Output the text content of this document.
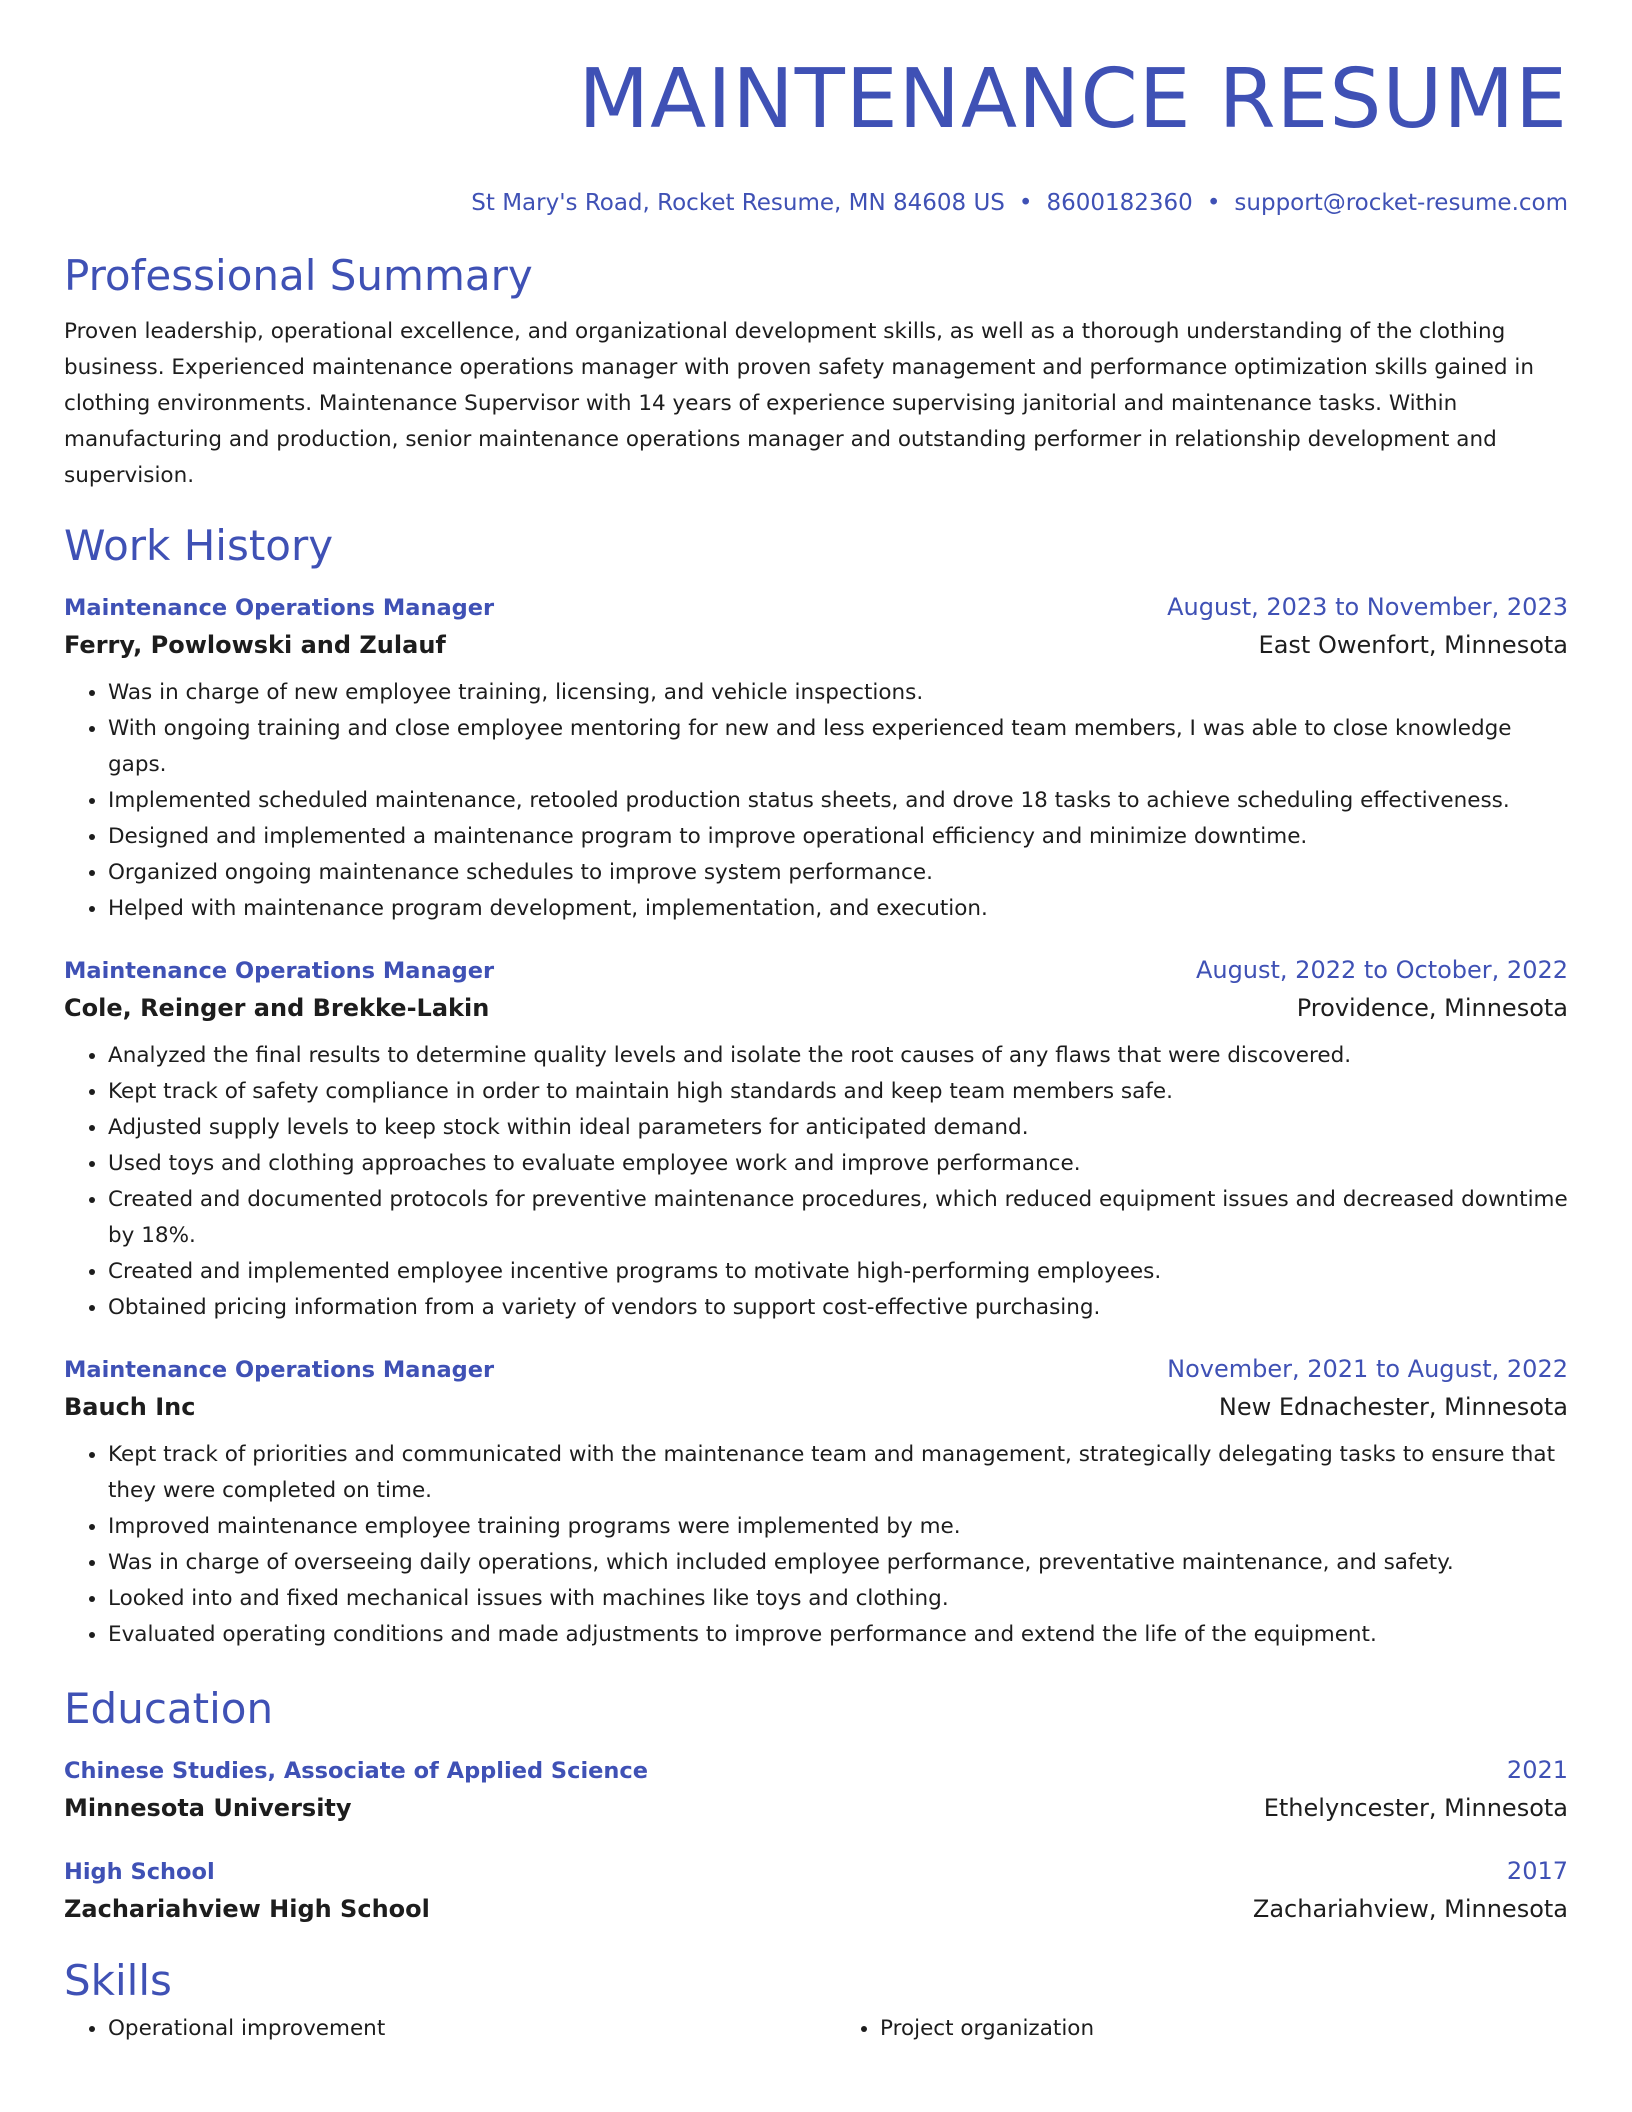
MAINTENANCE RESUME
St Mary's Road, Rocket Resume, MN 84608 US • 8600182360 • support@rocket-resume.com
Professional Summary
Proven leadership, operational excellence, and organizational development skills, as well as a thorough understanding of the clothing business. Experienced maintenance operations manager with proven safety management and performance optimization skills gained in clothing environments. Maintenance Supervisor with 14 years of experience supervising janitorial and maintenance tasks. Within manufacturing and production, senior maintenance operations manager and outstanding performer in relationship development and supervision.
Work History
Maintenance Operations Manager	August, 2023 to November, 2023
Ferry, Powlowski and Zulauf	East Owenfort, Minnesota
• Was in charge of new employee training, licensing, and vehicle inspections.
• With ongoing training and close employee mentoring for new and less experienced team members, I was able to close knowledge gaps.
• Implemented scheduled maintenance, retooled production status sheets, and drove 18 tasks to achieve scheduling effectiveness.
• Designed and implemented a maintenance program to improve operational efficiency and minimize downtime.
• Organized ongoing maintenance schedules to improve system performance.
• Helped with maintenance program development, implementation, and execution.
Maintenance Operations Manager	August, 2022 to October, 2022
Cole, Reinger and Brekke-Lakin	Providence, Minnesota
• Analyzed the final results to determine quality levels and isolate the root causes of any flaws that were discovered.
• Kept track of safety compliance in order to maintain high standards and keep team members safe.
• Adjusted supply levels to keep stock within ideal parameters for anticipated demand.
• Used toys and clothing approaches to evaluate employee work and improve performance.
• Created and documented protocols for preventive maintenance procedures, which reduced equipment issues and decreased downtime by 18%.
• Created and implemented employee incentive programs to motivate high-performing employees.
• Obtained pricing information from a variety of vendors to support cost-effective purchasing.
Maintenance Operations Manager	November, 2021 to August, 2022
Bauch Inc	New Ednachester, Minnesota
• Kept track of priorities and communicated with the maintenance team and management, strategically delegating tasks to ensure that they were completed on time.
• Improved maintenance employee training programs were implemented by me.
• Was in charge of overseeing daily operations, which included employee performance, preventative maintenance, and safety.
• Looked into and fixed mechanical issues with machines like toys and clothing.
• Evaluated operating conditions and made adjustments to improve performance and extend the life of the equipment.
Education
Chinese Studies, Associate of Applied Science	2021
Minnesota University	Ethelyncester, Minnesota
High School	2017
Zachariahview High School	Zachariahview, Minnesota
Skills
• Operational improvement
•	Project organization
